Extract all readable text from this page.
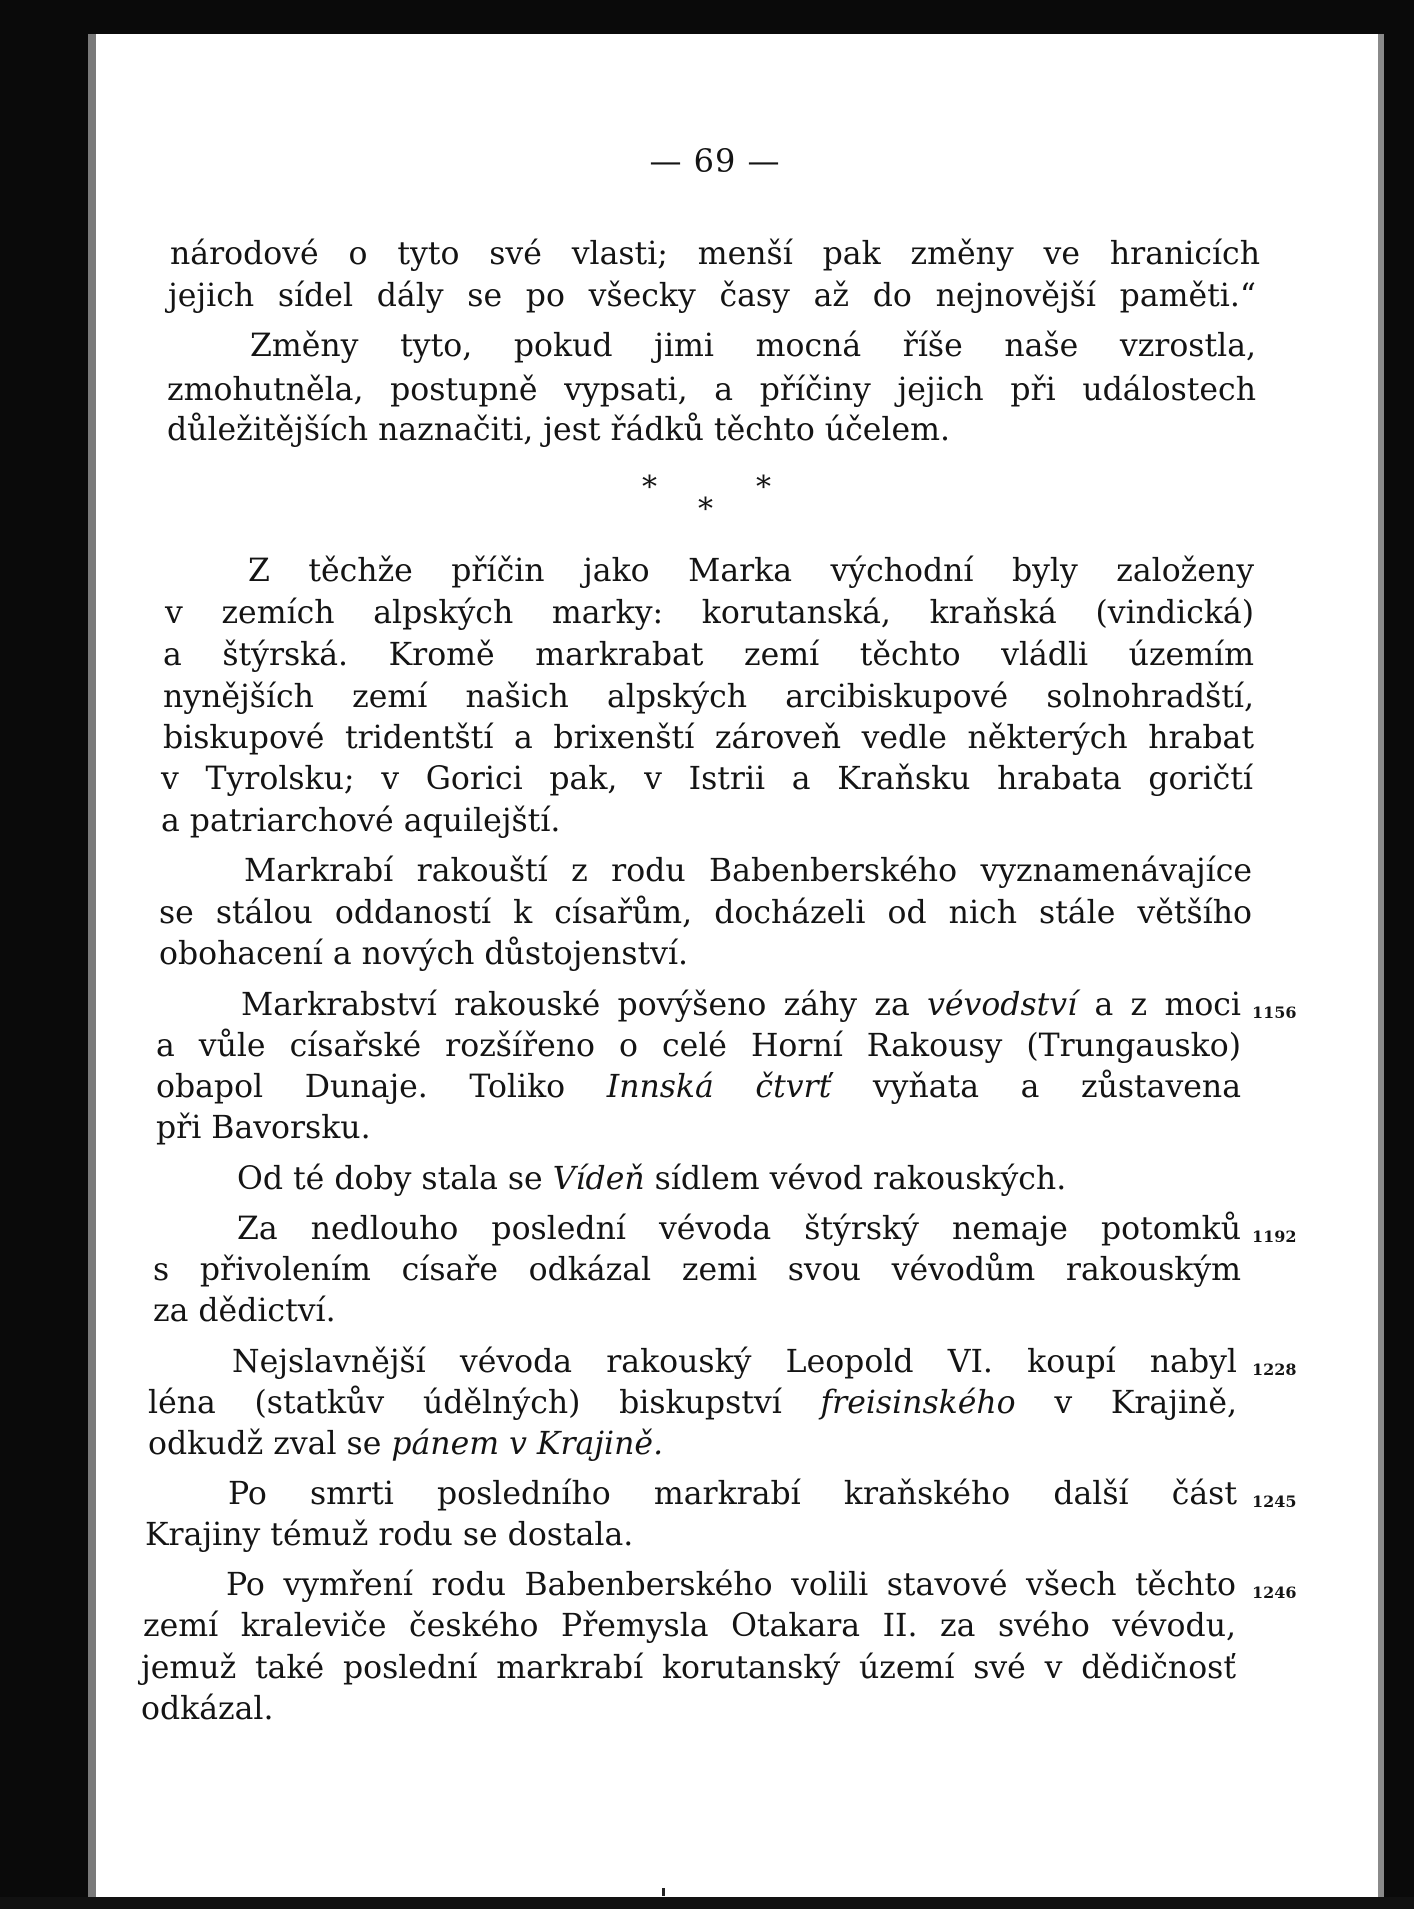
— 69 —
národové o tyto své vlasti; menší pak změny ve hranicích
jejich sídel dály se po všecky časy až do nejnovější paměti.“
Změny tyto, pokud jimi mocná říše naše vzrostla,
zmohutněla, postupně vypsati, a příčiny jejich při událostech
důležitějších naznačiti, jest řádků těchto účelem.
*
*
*
Z těchže příčin jako Marka východní byly založeny
v zemích alpských marky: korutanská, kraňská (vindická)
a štýrská. Kromě markrabat zemí těchto vládli územím
nynějších zemí našich alpských arcibiskupové solnohradští,
biskupové tridentští a brixenští zároveň vedle některých hrabat
v Tyrolsku; v Gorici pak, v Istrii a Kraňsku hrabata goričtí
a patriarchové aquilejští.
Markrabí rakouští z rodu Babenberského vyznamenávajíce
se stálou oddaností k císařům, docházeli od nich stále většího
obohacení a nových důstojenství.
Markrabství rakouské povýšeno záhy za vévodství a z moci
a vůle císařské rozšířeno o celé Horní Rakousy (Trungausko)
obapol Dunaje. Toliko Innská čtvrť vyňata a zůstavena
při Bavorsku.
Od té doby stala se Vídeň sídlem vévod rakouských.
Za nedlouho poslední vévoda štýrský nemaje potomků
s přivolením císaře odkázal zemi svou vévodům rakouským
za dědictví.
Nejslavnější vévoda rakouský Leopold VI. koupí nabyl
léna (statkův údělných) biskupství freisinského v Krajině,
odkudž zval se pánem v Krajině.
Po smrti posledního markrabí kraňského další část
Krajiny témuž rodu se dostala.
Po vymření rodu Babenberského volili stavové všech těchto
zemí kraleviče českého Přemysla Otakara II. za svého vévodu,
jemuž také poslední markrabí korutanský území své v dědičnosť
odkázal.
1156
1192
1228
1245
1246
